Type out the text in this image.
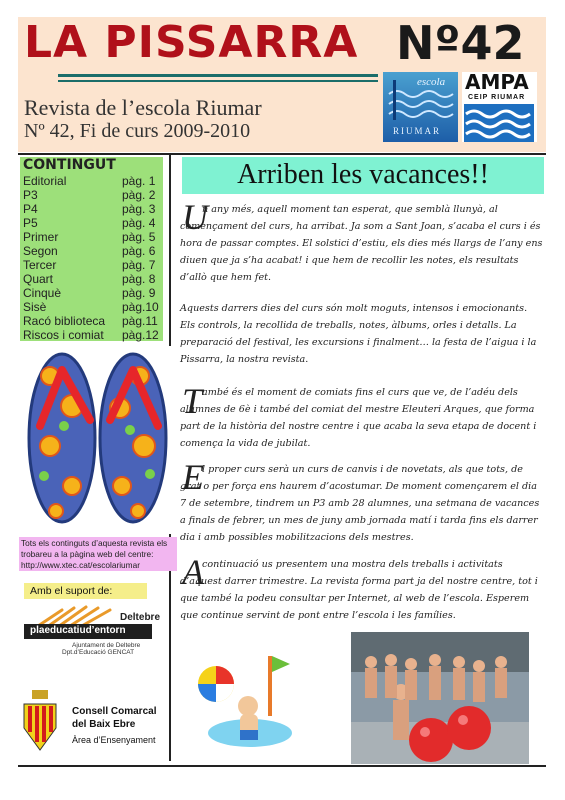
LA PISSARRA Nº42
Revista de l’escola Riumar
Nº 42, Fi de curs 2009-2010
escola
RIUMAR
AMPA
CEIP RIUMAR
CONTINGUT
Editorial	pàg. 1
P3	pàg. 2
P4	pàg. 3
P5	pàg. 4
Primer	pàg. 5
Segon	pàg. 6
Tercer	pàg. 7
Quart	pàg. 8
Cinquè	pàg. 9
Sisè	pàg.10
Racó biblioteca pàg.11
Riscos i comiat pàg.12
Tots els continguts d’aquesta revista els trobareu a la pàgina web del centre: http://www.xtec.cat/escolariumar
Amb el suport de:
Deltebre
plaeducatiud’entorn
Ajuntament de Deltebre
Dpt.d’Educació GENCAT
Consell Comarcal
del Baix Ebre
Àrea d’Ensenyament
Arriben les vacances!!
U
n any més, aquell moment tan esperat, que semblà llunyà, al començament del curs, ha arribat. Ja som a Sant Joan, s’acaba el curs i és hora de passar comptes. El solstici d’estiu, els dies més llargs de l’any ens diuen que ja s’ha acabat! i que hem de recollir les notes, els resultats d’allò que hem fet.
Aquests darrers dies del curs són molt moguts, intensos i emocionants. Els controls, la recollida de treballs, notes, àlbums, orles i detalls. La preparació del festival, les excursions i finalment… la festa de l’aigua i la Pissarra, la nostra revista.
T ambé és el moment de comiats fins el curs que ve, de l’adéu dels alumnes de 6è i també del comiat del mestre Eleuteri Arques, que forma part de la història del nostre centre i que acaba la seva etapa de docent i comença la vida de jubilat.
E
l proper curs serà un curs de canvis i de novetats, als que tots, de grat o per força ens haurem d’acostumar. De moment començarem el dia 7 de setembre, tindrem un P3 amb 28 alumnes, una setmana de vacances a finals de febrer, un mes de juny amb jornada matí i tarda fins els darrer dia i amb possibles mobilitzacions dels mestres.
A
continuació us presentem una mostra dels treballs i activitats d’aquest darrer trimestre. La revista forma part ja del nostre centre, tot i que també la podeu consultar per Internet, al web de l’escola. Esperem que continue servint de pont entre l’escola i les famílies.
